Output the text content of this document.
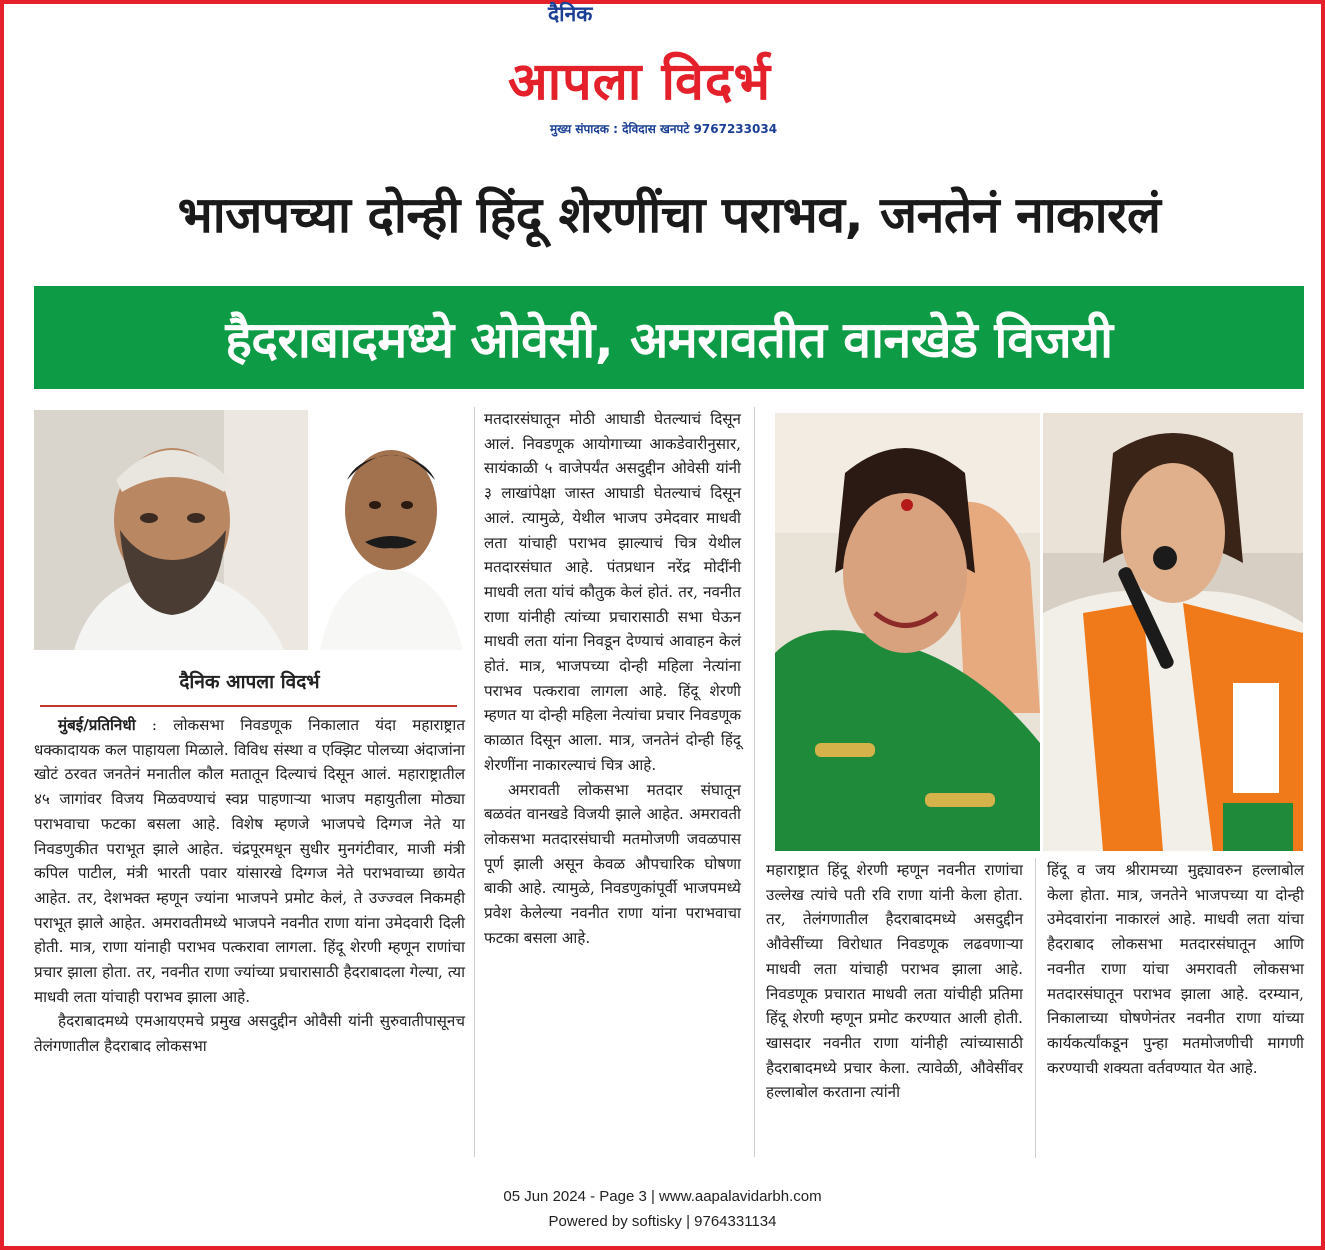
दैनिक
आपला विदर्भ
मुख्य संपादक : देविदास खनपटे 9767233034
भाजपच्या दोन्ही हिंदू शेरणींचा पराभव, जनतेनं नाकारलं
हैदराबादमध्ये ओवेसी, अमरावतीत वानखेडे विजयी
दैनिक आपला विदर्भ

मुंबई/प्रतिनिधी : लोकसभा निवडणूक निकालात यंदा महाराष्ट्रात धक्कादायक कल पाहायला मिळाले. विविध संस्था व एक्झिट पोलच्या अंदाजांना खोटं ठरवत जनतेनं मनातील कौल मतातून दिल्याचं दिसून आलं. महाराष्ट्रातील ४५ जागांवर विजय मिळवण्याचं स्वप्न पाहणाऱ्या भाजप महायुतीला मोठ्या पराभवाचा फटका बसला आहे. विशेष म्हणजे भाजपचे दिग्गज नेते या निवडणुकीत पराभूत झाले आहेत. चंद्रपूरमधून सुधीर मुनगंटीवार, माजी मंत्री कपिल पाटील, मंत्री भारती पवार यांसारखे दिग्गज नेते पराभवाच्या छायेत आहेत. तर, देशभक्त म्हणून ज्यांना भाजपने प्रमोट केलं, ते उज्ज्वल निकमही पराभूत झाले आहेत. अमरावतीमध्ये भाजपने नवनीत राणा यांना उमेदवारी दिली होती. मात्र, राणा यांनाही पराभव पत्करावा लागला. हिंदू शेरणी म्हणून राणांचा प्रचार झाला होता. तर, नवनीत राणा ज्यांच्या प्रचारासाठी हैदराबादला गेल्या, त्या माधवी लता यांचाही पराभव झाला आहे.

हैदराबादमध्ये एमआयएमचे प्रमुख असदुद्दीन ओवैसी यांनी सुरुवातीपासूनच तेलंगणातील हैदराबाद लोकसभा

मतदारसंघातून मोठी आघाडी घेतल्याचं दिसून आलं. निवडणूक आयोगाच्या आकडेवारीनुसार, सायंकाळी ५ वाजेपर्यंत असदुद्दीन ओवेसी यांनी ३ लाखांपेक्षा जास्त आघाडी घेतल्याचं दिसून आलं. त्यामुळे, येथील भाजप उमेदवार माधवी लता यांचाही पराभव झाल्याचं चित्र येथील मतदारसंघात आहे. पंतप्रधान नरेंद्र मोदींनी माधवी लता यांचं कौतुक केलं होतं. तर, नवनीत राणा यांनीही त्यांच्या प्रचारासाठी सभा घेऊन माधवी लता यांना निवडून देण्याचं आवाहन केलं होतं. मात्र, भाजपच्या दोन्ही महिला नेत्यांना पराभव पत्करावा लागला आहे. हिंदू शेरणी म्हणत या दोन्ही महिला नेत्यांचा प्रचार निवडणूक काळात दिसून आला. मात्र, जनतेनं दोन्ही हिंदू शेरणींना नाकारल्याचं चित्र आहे.

अमरावती लोकसभा मतदार संघातून बळवंत वानखडे विजयी झाले आहेत. अमरावती लोकसभा मतदारसंघाची मतमोजणी जवळपास पूर्ण झाली असून केवळ औपचारिक घोषणा बाकी आहे. त्यामुळे, निवडणुकांपूर्वी भाजपमध्ये प्रवेश केलेल्या नवनीत राणा यांना पराभवाचा फटका बसला आहे.

महाराष्ट्रात हिंदू शेरणी म्हणून नवनीत राणांचा उल्लेख त्यांचे पती रवि राणा यांनी केला होता. तर, तेलंगणातील हैदराबादमध्ये असदुद्दीन औवेसींच्या विरोधात निवडणूक लढवणाऱ्या माधवी लता यांचाही पराभव झाला आहे. निवडणूक प्रचारात माधवी लता यांचीही प्रतिमा हिंदू शेरणी म्हणून प्रमोट करण्यात आली होती. खासदार नवनीत राणा यांनीही त्यांच्यासाठी हैदराबादमध्ये प्रचार केला. त्यावेळी, औवेसींवर हल्लाबोल करताना त्यांनी

हिंदू व जय श्रीरामच्या मुद्द्यावरुन हल्लाबोल केला होता. मात्र, जनतेने भाजपच्या या दोन्ही उमेदवारांना नाकारलं आहे. माधवी लता यांचा हैदराबाद लोकसभा मतदारसंघातून आणि नवनीत राणा यांचा अमरावती लोकसभा मतदारसंघातून पराभव झाला आहे. दरम्यान, निकालाच्या घोषणेनंतर नवनीत राणा यांच्या कार्यकर्त्यांकडून पुन्हा मतमोजणीची मागणी करण्याची शक्यता वर्तवण्यात येत आहे.

05 Jun 2024 - Page 3 | www.aapalavidarbh.com
Powered by softisky | 9764331134
